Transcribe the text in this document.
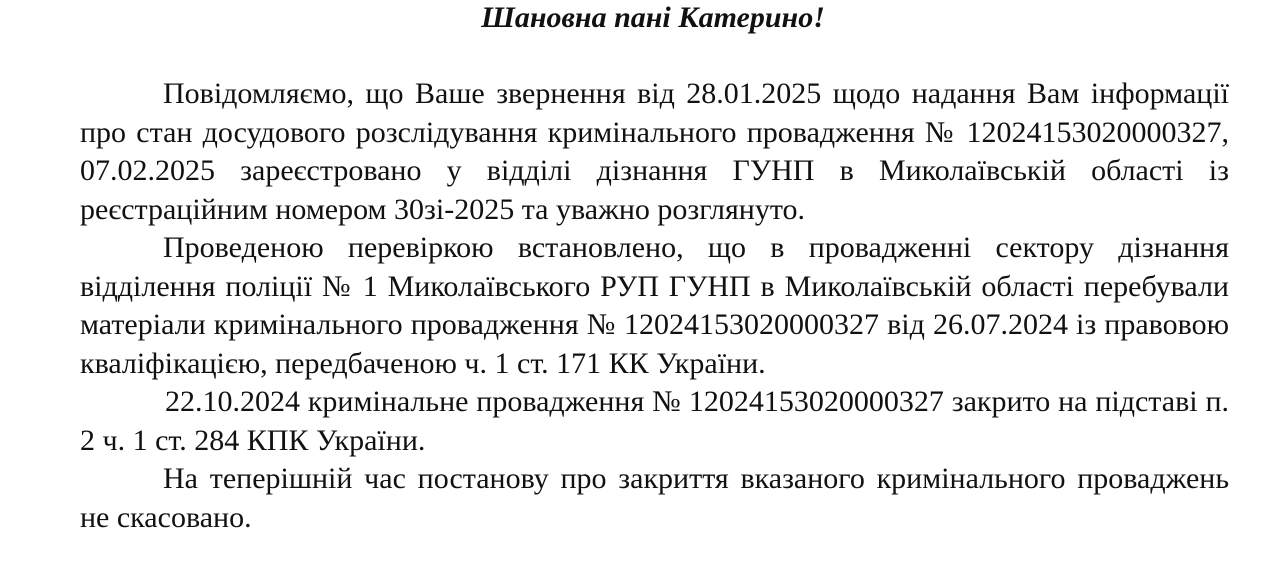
Шановна пані Катерино!

Повідомляємо, що Ваше звернення від 28.01.2025 щодо надання Вам інформації про стан досудового розслідування кримінального провадження № 12024153020000327, 07.02.2025 зареєстровано у відділі дізнання ГУНП в Миколаївській області із реєстраційним номером 30зі-2025 та уважно розглянуто.

Проведеною перевіркою встановлено, що в провадженні сектору дізнання відділення поліції № 1 Миколаївського РУП ГУНП в Миколаївській області перебували матеріали кримінального провадження № 12024153020000327 від 26.07.2024 із правовою кваліфікацією, передбаченою ч. 1 ст. 171 КК України.

22.10.2024 кримінальне провадження № 12024153020000327 закрито на підставі п. 2 ч. 1 ст. 284 КПК України.

На теперішній час постанову про закриття вказаного кримінального проваджень не скасовано.
